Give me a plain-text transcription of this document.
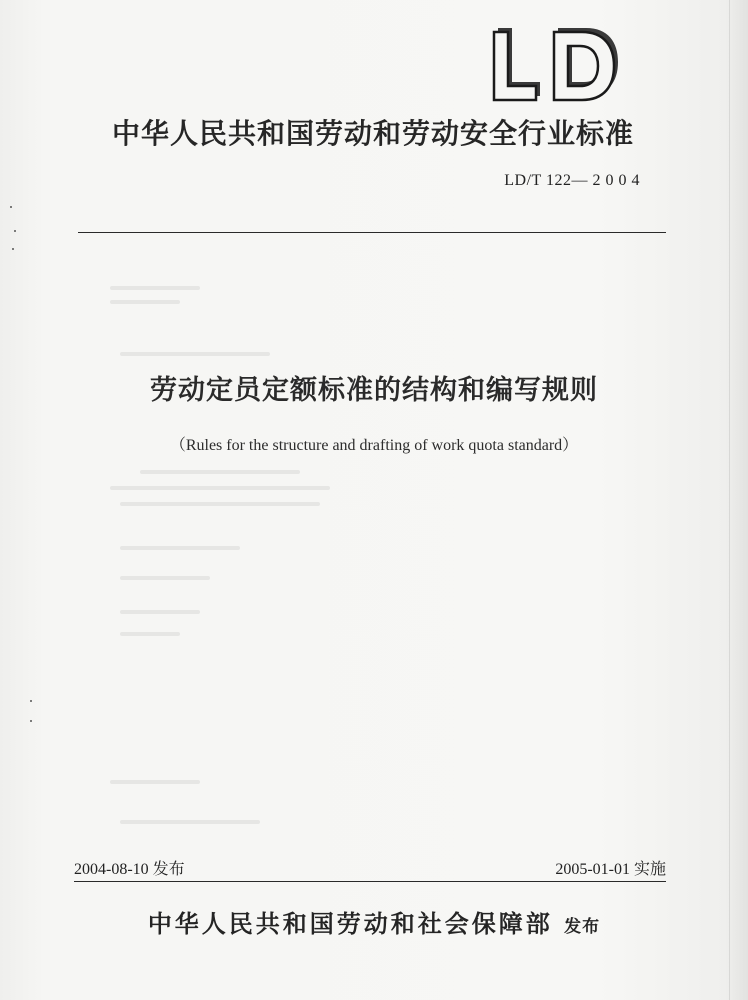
LD
中华人民共和国劳动和劳动安全行业标准
LD/T 122— 2 0 0 4
劳动定员定额标准的结构和编写规则
（Rules for the structure and drafting of work quota standard）
2004-08-10 发布	2005-01-01 实施
中华人民共和国劳动和社会保障部 发布
